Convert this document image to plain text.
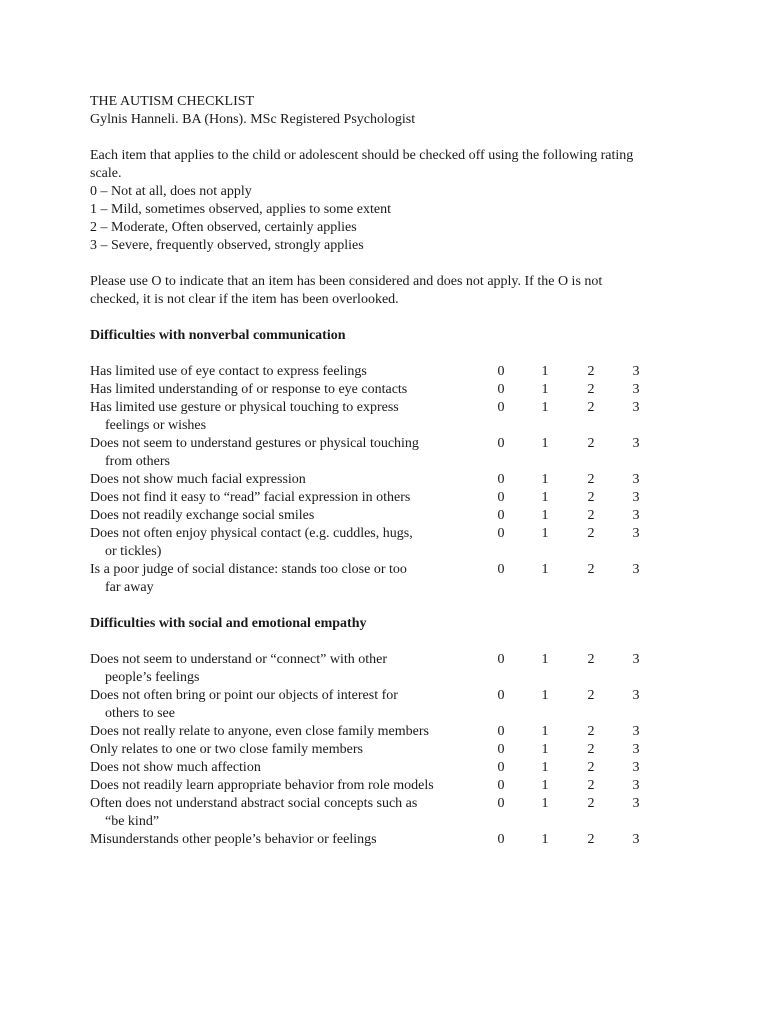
THE AUTISM CHECKLIST
Gylnis Hanneli. BA (Hons). MSc Registered Psychologist
Each item that applies to the child or adolescent should be checked off using the following rating
scale.
0 – Not at all, does not apply
1 – Mild, sometimes observed, applies to some extent
2 – Moderate, Often observed, certainly applies
3 – Severe, frequently observed, strongly applies
Please use O to indicate that an item has been considered and does not apply. If the O is not
checked, it is not clear if the item has been overlooked.
Difficulties with nonverbal communication
Has limited use of eye contact to express feelings	0	1	2	3
Has limited understanding of or response to eye contacts	0	1	2	3
Has limited use gesture or physical touching to express
feelings or wishes
0	1	2	3
Does not seem to understand gestures or physical touching
from others
0	1	2	3
Does not show much facial expression	0	1	2	3
Does not find it easy to “read” facial expression in others	0	1	2	3
Does not readily exchange social smiles	0	1	2	3
Does not often enjoy physical contact (e.g. cuddles, hugs,
or tickles)
0	1	2	3
Is a poor judge of social distance: stands too close or too
far away
0	1	2	3
Difficulties with social and emotional empathy
Does not seem to understand or “connect” with other
people’s feelings
0	1	2	3
Does not often bring or point our objects of interest for
others to see
0	1	2	3
Does not really relate to anyone, even close family members	0	1	2	3
Only relates to one or two close family members	0	1	2	3
Does not show much affection	0	1	2	3
Does not readily learn appropriate behavior from role models	0	1	2	3
Often does not understand abstract social concepts such as
“be kind”
0	1	2	3
Misunderstands other people’s behavior or feelings	0	1	2	3
